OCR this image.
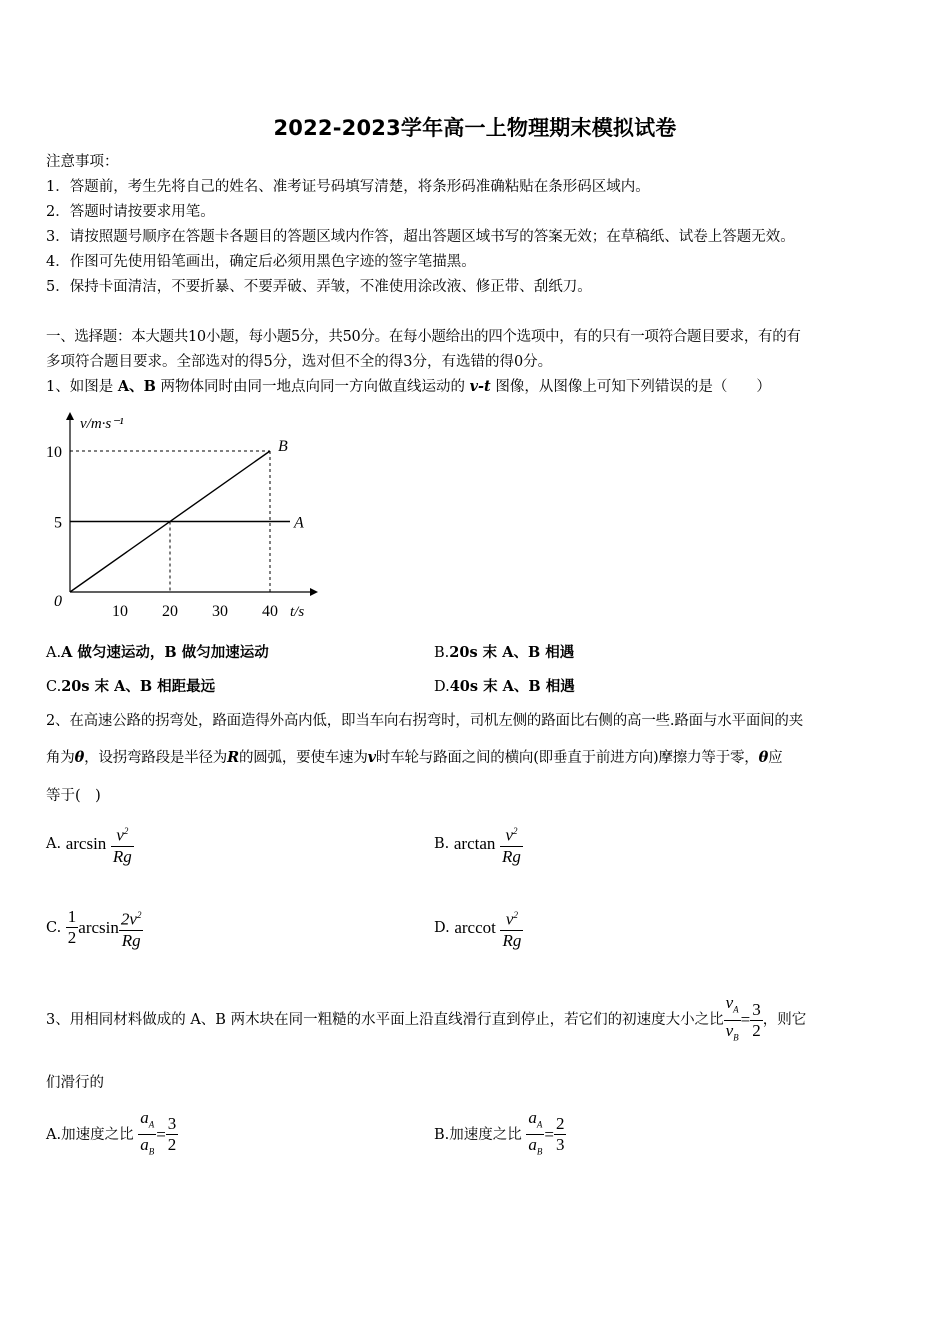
2022-2023学年高一上物理期末模拟试卷
注意事项：
1．答题前，考生先将自己的姓名、准考证号码填写清楚，将条形码准确粘贴在条形码区域内。
2．答题时请按要求用笔。
3．请按照题号顺序在答题卡各题目的答题区域内作答，超出答题区域书写的答案无效；在草稿纸、试卷上答题无效。
4．作图可先使用铅笔画出，确定后必须用黑色字迹的签字笔描黑。
5．保持卡面清洁，不要折暴、不要弄破、弄皱，不准使用涂改液、修正带、刮纸刀。
一、选择题：本大题共10小题，每小题5分，共50分。在每小题给出的四个选项中，有的只有一项符合题目要求，有的有
多项符合题目要求。全部选对的得5分，选对但不全的得3分，有选错的得0分。
1、如图是 A、B 两物体同时由同一地点向同一方向做直线运动的 v-t 图像，从图像上可知下列错误的是（　　）
v/m·s⁻¹
t/s
0
10 20 30 40
5
10
A
B
A.A 做匀速运动，B 做匀加速运动	B.20s 末 A、B 相遇
C.20s 末 A、B 相距最远	D.40s 末 A、B 相遇
2、在高速公路的拐弯处，路面造得外高内低，即当车向右拐弯时，司机左侧的路面比右侧的高一些.路面与水平面间的夹
角为θ，设拐弯路段是半径为R的圆弧，要使车速为v时车轮与路面之间的横向(即垂直于前进方向)摩擦力等于零，θ应
等于(　)
A. $\arcsin \frac{v^2}{Rg}$	B. $\arctan \frac{v^2}{Rg}$
C. $\frac{1}{2}$ $\arcsin \frac{2v^2}{Rg}$	D. arccot $\frac{v^2}{Rg}$
3、用相同材料做成的 A、B 两木块在同一粗糙的水平面上沿直线滑行直到停止，若它们的初速度大小之比 $\frac{v_A}{v_B} = \frac{3}{2}$ ，则它
们滑行的
A.加速度之比 $\frac{a_A}{a_B} = \frac{3}{2}$	B.加速度之比 $\frac{a_A}{a_B} = \frac{2}{3}$
